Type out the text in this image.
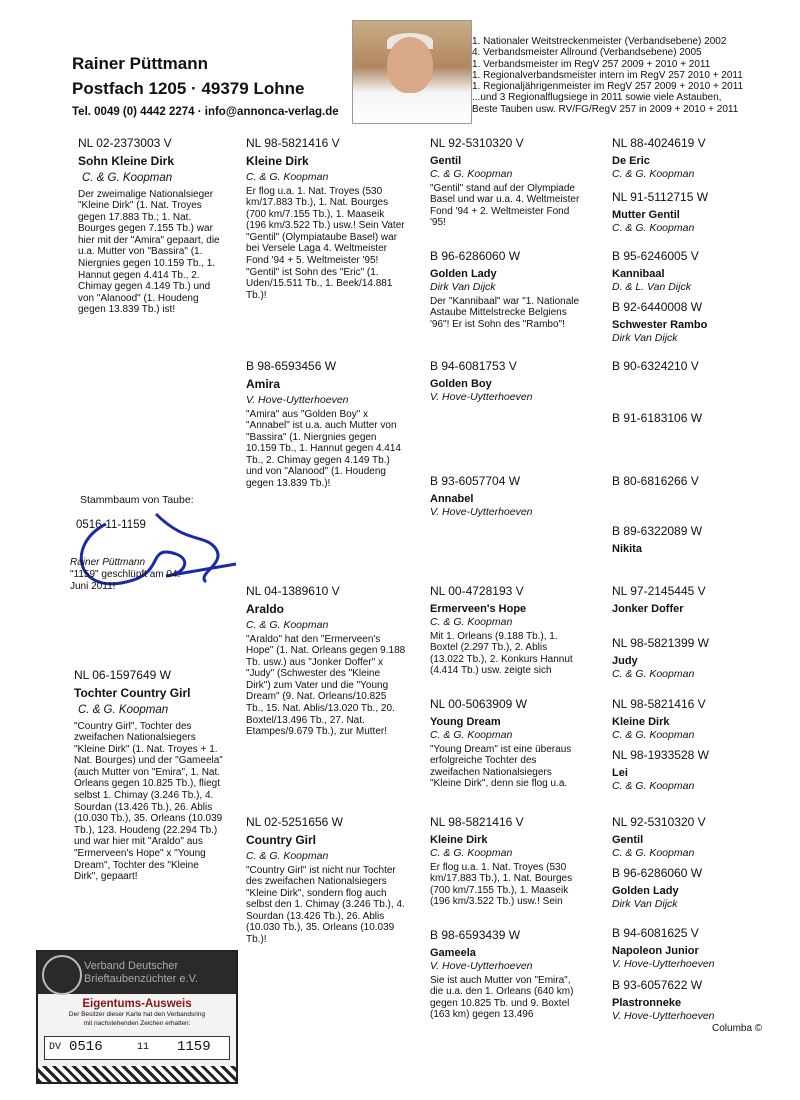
Rainer Püttmann
Postfach 1205 · 49379 Lohne
Tel. 0049 (0) 4442 2274 · info@annonca-verlag.de
1. Nationaler Weitstreckenmeister (Verbandsebene) 2002
4. Verbandsmeister Allround (Verbandsebene) 2005
1. Verbandsmeister im RegV 257 2009 + 2010 + 2011
1. Regionalverbandsmeister intern im RegV 257 2010 + 2011
1. Regionaljährigenmeister im RegV 257 2009 + 2010 + 2011
...und 3 Regionalflugsiege in 2011 sowie viele Astauben,
Beste Tauben usw. RV/FG/RegV 257 in 2009 + 2010 + 2011
NL 02-2373003 V
Sohn Kleine Dirk
C. & G. Koopman
Der zweimalige Nationalsieger "Kleine Dirk" (1. Nat. Troyes gegen 17.883 Tb.; 1. Nat. Bourges gegen 7.155 Tb.) war hier mit der "Amira" gepaart, die u.a. Mutter von "Bassira" (1. Niergnies gegen 10.159 Tb., 1. Hannut gegen 4.414 Tb., 2. Chimay gegen 4.149 Tb.) und von "Alanood" (1. Houdeng gegen 13.839 Tb.) ist!
Stammbaum von Taube:
0516-11-1159
Rainer Püttmann
"1159" geschlüpft am 04. Juni 2011!
NL 06-1597649 W
Tochter Country Girl
C. & G. Koopman
"Country Girl", Tochter des zweifachen Nationalsiegers "Kleine Dirk" (1. Nat. Troyes + 1. Nat. Bourges) und der "Gameela" (auch Mutter von "Emira", 1. Nat. Orleans gegen 10.825 Tb.), fliegt selbst 1. Chimay (3.246 Tb.), 4. Sourdan (13.426 Tb.), 26. Ablis (10.030 Tb.), 35. Orleans (10.039 Tb.), 123. Houdeng (22.294 Tb.) und war hier mit "Araldo" aus "Ermerveen's Hope" x "Young Dream", Tochter des "Kleine Dirk", gepaart!
NL 98-5821416 V
Kleine Dirk
C. & G. Koopman
Er flog u.a. 1. Nat. Troyes (530 km/17.883 Tb.), 1. Nat. Bourges (700 km/7.155 Tb.), 1. Maaseik (196 km/3.522 Tb.) usw.! Sein Vater "Gentil" (Olympiataube Basel) war bei Versele Laga 4. Weltmeister Fond '94 + 5. Weltmeister '95! "Gentil" ist Sohn des "Eric" (1. Uden/15.511 Tb., 1. Beek/14.881 Tb.)!
B 98-6593456 W
Amira
V. Hove-Uytterhoeven
"Amira" aus "Golden Boy" x "Annabel" ist u.a. auch Mutter von "Bassira" (1. Niergnies gegen 10.159 Tb., 1. Hannut gegen 4.414 Tb., 2. Chimay gegen 4.149 Tb.) und von "Alanood" (1. Houdeng gegen 13.839 Tb.)!
NL 04-1389610 V
Araldo
C. & G. Koopman
"Araldo" hat den "Ermerveen's Hope" (1. Nat. Orleans gegen 9.188 Tb. usw.) aus "Jonker Doffer" x "Judy" (Schwester des "Kleine Dirk") zum Vater und die "Young Dream" (9. Nat. Orleans/10.825 Tb., 15. Nat. Ablis/13.020 Tb., 20. Boxtel/13.496 Tb., 27. Nat. Etampes/9.679 Tb.), zur Mutter!
NL 02-5251656 W
Country Girl
C. & G. Koopman
"Country Girl" ist nicht nur Tochter des zweifachen Nationalsiegers "Kleine Dirk", sondern flog auch selbst den 1. Chimay (3.246 Tb.), 4. Sourdan (13.426 Tb.), 26. Ablis (10.030 Tb.), 35. Orleans (10.039 Tb.)!
NL 92-5310320 V
Gentil
C. & G. Koopman
"Gentil" stand auf der Olympiade Basel und war u.a. 4. Weltmeister Fond '94 + 2. Weltmeister Fond '95!
B 96-6286060 W
Golden Lady
Dirk Van Dijck
Der "Kannibaal" war "1. Nationale Astaube Mittelstrecke Belgiens '96"! Er ist Sohn des "Rambo"!
B 94-6081753 V
Golden Boy
V. Hove-Uytterhoeven
B 93-6057704 W
Annabel
V. Hove-Uytterhoeven
NL 00-4728193 V
Ermerveen's Hope
C. & G. Koopman
Mit 1. Orleans (9.188 Tb.), 1. Boxtel (2.297 Tb.), 2. Ablis (13.022 Tb.), 2. Konkurs Hannut (4.414 Tb.) usw. zeigte sich
NL 00-5063909 W
Young Dream
C. & G. Koopman
"Young Dream" ist eine überaus erfolgreiche Tochter des zweifachen Nationalsiegers "Kleine Dirk", denn sie flog u.a.
NL 98-5821416 V
Kleine Dirk
C. & G. Koopman
Er flog u.a. 1. Nat. Troyes (530 km/17.883 Tb.), 1. Nat. Bourges (700 km/7.155 Tb.), 1. Maaseik (196 km/3.522 Tb.) usw.! Sein
B 98-6593439 W
Gameela
V. Hove-Uytterhoeven
Sie ist auch Mutter von "Emira", die u.a. den 1. Orleans (640 km) gegen 10.825 Tb. und 9. Boxtel (163 km) gegen 13.496
NL 88-4024619 V
De Eric
C. & G. Koopman
NL 91-5112715 W
Mutter Gentil
C. & G. Koopman
B 95-6246005 V
Kannibaal
D. & L. Van Dijck
B 92-6440008 W
Schwester Rambo
Dirk Van Dijck
B 90-6324210 V
B 91-6183106 W
B 80-6816266 V
B 89-6322089 W
Nikita
NL 97-2145445 V
Jonker Doffer
NL 98-5821399 W
Judy
C. & G. Koopman
NL 98-5821416 V
Kleine Dirk
C. & G. Koopman
NL 98-1933528 W
Lei
C. & G. Koopman
NL 92-5310320 V
Gentil
C. & G. Koopman
B 96-6286060 W
Golden Lady
Dirk Van Dijck
B 94-6081625 V
Napoleon Junior
V. Hove-Uytterhoeven
B 93-6057622 W
Plastronneke
V. Hove-Uytterhoeven
Verband Deutscher
Brieftaubenzüchter e.V.
Eigentums-Ausweis
Der Besitzer dieser Karte hat den Verbandsring
mit nachstehenden Zeichen erhalten:
DV 0516	11 1159
Columba ©
